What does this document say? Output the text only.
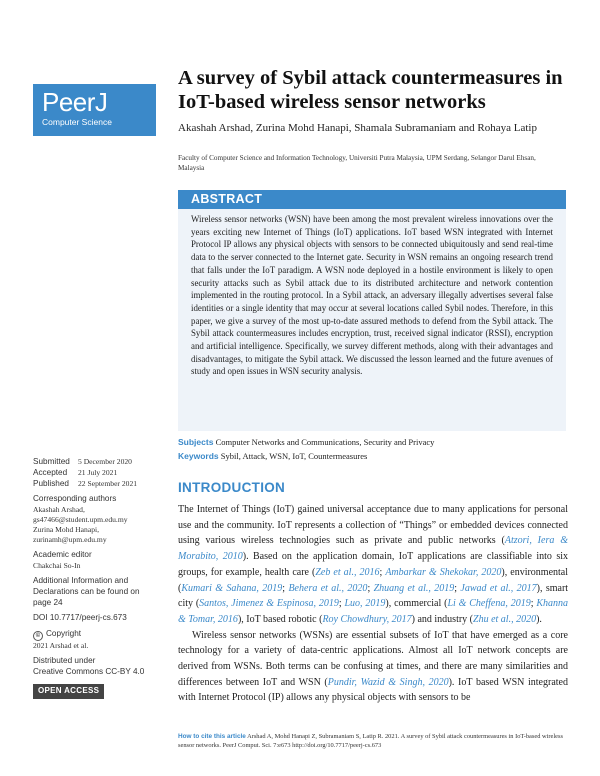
PeerJ
Computer Science
A survey of Sybil attack countermeasures in IoT-based wireless sensor networks
Akashah Arshad, Zurina Mohd Hanapi, Shamala Subramaniam and Rohaya Latip
Faculty of Computer Science and Information Technology, Universiti Putra Malaysia, UPM Serdang, Selangor Darul Ehsan, Malaysia
ABSTRACT
Wireless sensor networks (WSN) have been among the most prevalent wireless innovations over the years exciting new Internet of Things (IoT) applications. IoT based WSN integrated with Internet Protocol IP allows any physical objects with sensors to be connected ubiquitously and send real-time data to the server connected to the Internet gate. Security in WSN remains an ongoing research trend that falls under the IoT paradigm. A WSN node deployed in a hostile environment is likely to open security attacks such as Sybil attack due to its distributed architecture and network contention implemented in the routing protocol. In a Sybil attack, an adversary illegally advertises several false identities or a single identity that may occur at several locations called Sybil nodes. Therefore, in this paper, we give a survey of the most up-to-date assured methods to defend from the Sybil attack. The Sybil attack countermeasures includes encryption, trust, received signal indicator (RSSI), encryption and artificial intelligence. Specifically, we survey different methods, along with their advantages and disadvantages, to mitigate the Sybil attack. We discussed the lesson learned and the future avenues of study and open issues in WSN security analysis.
Subjects Computer Networks and Communications, Security and Privacy
Keywords Sybil, Attack, WSN, IoT, Countermeasures
Submitted 5 December 2020
Accepted 21 July 2021
Published 22 September 2021
Corresponding authors
Akashah Arshad,
gs47466@student.upm.edu.my
Zurina Mohd Hanapi,
zurinamh@upm.edu.my
Academic editor
Chakchai So-In
Additional Information and
Declarations can be found on
page 24
DOI 10.7717/peerj-cs.673
© Copyright
2021 Arshad et al.
Distributed under
Creative Commons CC-BY 4.0
OPEN ACCESS
INTRODUCTION

The Internet of Things (IoT) gained universal acceptance due to many applications for personal use and the community. IoT represents a collection of “Things” or embedded devices connected using various wireless technologies such as private and public networks (Atzori, Iera & Morabito, 2010). Based on the application domain, IoT applications are classifiable into six groups, for example, health care (Zeb et al., 2016; Ambarkar & Shekokar, 2020), environmental (Kumari & Sahana, 2019; Behera et al., 2020; Zhuang et al., 2019; Jawad et al., 2017), smart city (Santos, Jimenez & Espinosa, 2019; Luo, 2019), commercial (Li & Cheffena, 2019; Khanna & Tomar, 2016), IoT based robotic (Roy Chowdhury, 2017) and industry (Zhu et al., 2020).

Wireless sensor networks (WSNs) are essential subsets of IoT that have emerged as a core technology for a variety of data-centric applications. Almost all IoT network concepts are derived from WSNs. Both terms can be confusing at times, and there are many similarities and differences between IoT and WSN (Pundir, Wazid & Singh, 2020). IoT based WSN integrated with Internet Protocol (IP) allows any physical objects with sensors to be

How to cite this article Arshad A, Mohd Hanapi Z, Subramaniam S, Latip R. 2021. A survey of Sybil attack countermeasures in IoT-based wireless sensor networks. PeerJ Comput. Sci. 7:e673 http://doi.org/10.7717/peerj-cs.673
